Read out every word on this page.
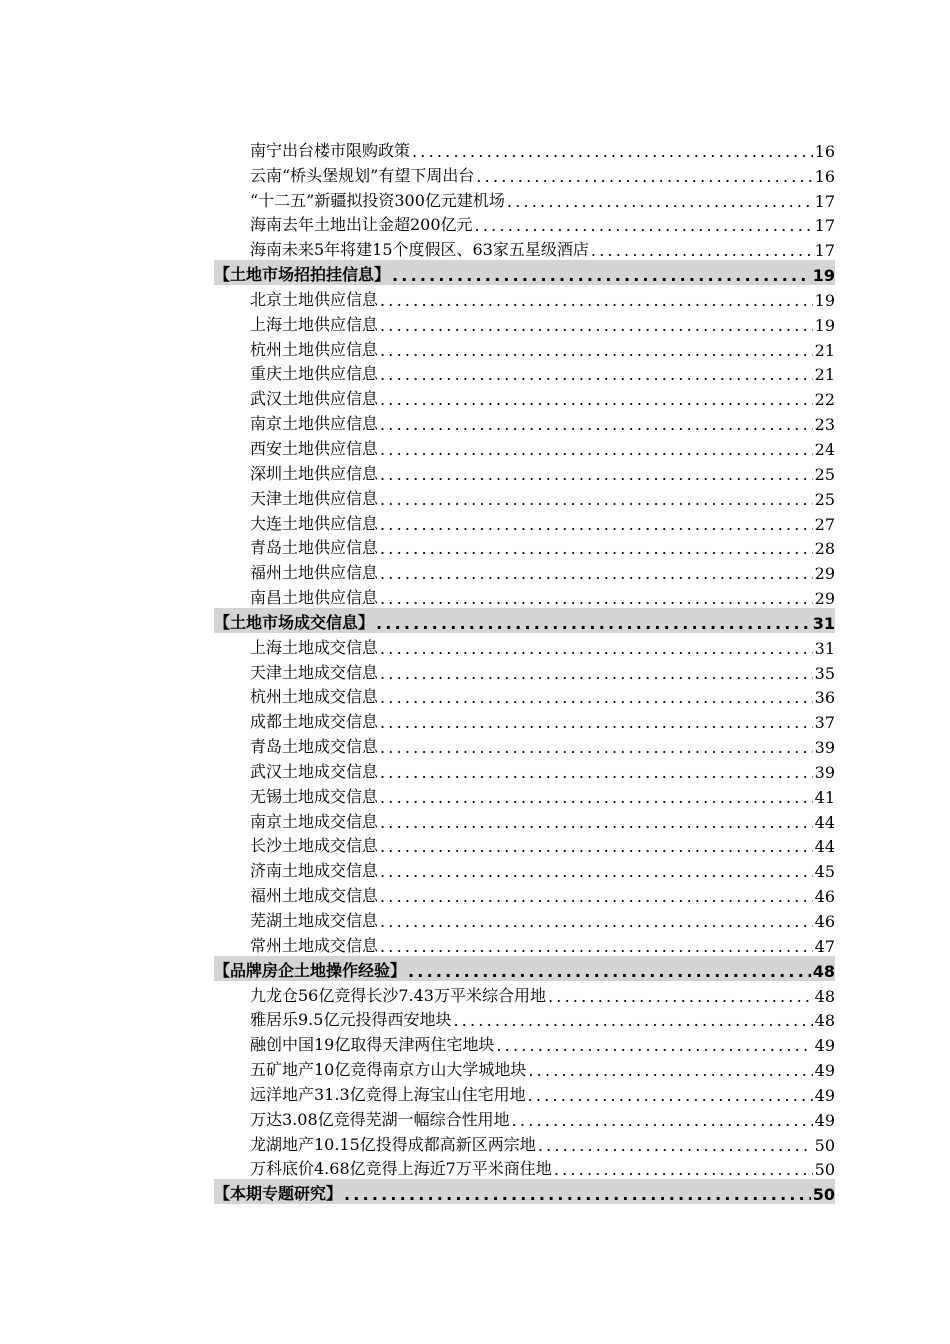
南宁出台楼市限购政策 .....	16
云南“桥头堡规划”有望下周出台 .....	16
“十二五”新疆拟投资300亿元建机场 .....	17
海南去年土地出让金超200亿元 .....	17
海南未来5年将建15个度假区、63家五星级酒店 .....	17
【土地市场招拍挂信息】 .....	19
北京土地供应信息 .....	19
上海土地供应信息 .....	19
杭州土地供应信息 .....	21
重庆土地供应信息 .....	21
武汉土地供应信息 .....	22
南京土地供应信息 .....	23
西安土地供应信息 .....	24
深圳土地供应信息 .....	25
天津土地供应信息 .....	25
大连土地供应信息 .....	27
青岛土地供应信息 .....	28
福州土地供应信息 .....	29
南昌土地供应信息 .....	29
【土地市场成交信息】 .....	31
上海土地成交信息 .....	31
天津土地成交信息 .....	35
杭州土地成交信息 .....	36
成都土地成交信息 .....	37
青岛土地成交信息 .....	39
武汉土地成交信息 .....	39
无锡土地成交信息 .....	41
南京土地成交信息 .....	44
长沙土地成交信息 .....	44
济南土地成交信息 .....	45
福州土地成交信息 .....	46
芜湖土地成交信息 .....	46
常州土地成交信息 .....	47
【品牌房企土地操作经验】 .....	48
九龙仓56亿竞得长沙7.43万平米综合用地 .....	48
雅居乐9.5亿元投得西安地块 .....	48
融创中国19亿取得天津两住宅地块 .....	49
五矿地产10亿竞得南京方山大学城地块 .....	49
远洋地产31.3亿竞得上海宝山住宅用地 .....	49
万达3.08亿竞得芜湖一幅综合性用地 .....	49
龙湖地产10.15亿投得成都高新区两宗地 .....	50
万科底价4.68亿竞得上海近7万平米商住地 .....	50
【本期专题研究】 .....	50
